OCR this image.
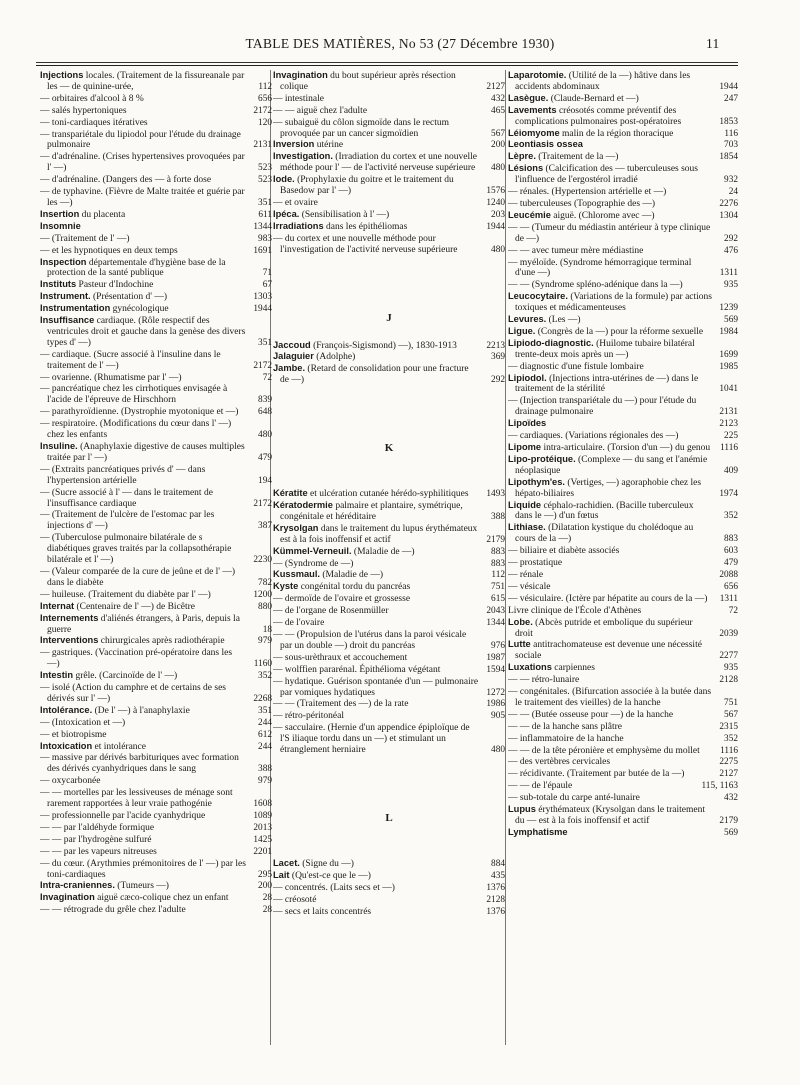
TABLE DES MATIÈRES, No 53 (27 Décembre 1930)	11
Injections locales. (Traitement de la fissureanale par les — de quinine-urée,	112
— orbitaires d'alcool à 8 %	656
— salés hypertoniques	2172
— toni-cardiaques itératives	120
— transpariétale du lipiodol pour l'étude du drainage pulmonaire	2131
— d'adrénaline. (Crises hypertensives provoquées par l' —)	523
— d'adrénaline. (Dangers des — à forte dose	523
— de typhavine. (Fièvre de Malte traitée et guérie par les —)	351
Insertion du placenta	611
Insomnie	1344
— (Traitement de l' —)	983
— et les hypnotiques en deux temps	1691
Inspection départementale d'hygiène base de la protection de la santé publique	71
Instituts Pasteur d'Indochine	67
Instrument. (Présentation d' —)	1303
Instrumentation gynécologique	1944
Insuffisance cardiaque. (Rôle respectif des ventricules droit et gauche dans la genèse des divers types d' —)	351
— cardiaque. (Sucre associé à l'insuline dans le traitement de l' —)	2172
— ovarienne. (Rhumatisme par l' —)	72
— pancréatique chez les cirrhotiques envisagée à l'acide de l'épreuve de Hirschhorn	839
— parathyroïdienne. (Dystrophie myotonique et —) 648
— respiratoire. (Modifications du cœur dans l' —) chez les enfants	480
Insuline. (Anaphylaxie digestive de causes multiples traitée par l' —)	479
— (Extraits pancréatiques privés d' — dans l'hypertension artérielle	194
— (Sucre associé à l' — dans le traitement de l'insuffisance cardiaque	2172
— (Traitement de l'ulcère de l'estomac par les injections d' —)	387
— (Tuberculose pulmonaire bilatérale de s diabétiques graves traités par la collapsothérapie bilatérale et l' —)	2230
— (Valeur comparée de la cure de jeûne et de l' —) dans le diabète	782
— huileuse. (Traitement du diabète par l' —)	1200
Internat (Centenaire de l' —) de Bicêtre	880
Internements d'aliénés étrangers, à Paris, depuis la guerre	18
Interventions chirurgicales après radiothérapie	979
— gastriques. (Vaccination pré-opératoire dans les —)	1160
Intestin grêle. (Carcinoïde de l' —)	352
— isolé (Action du camphre et de certains de ses dérivés sur l' —)	2268
Intolérance. (De l' —) à l'anaphylaxie	351
— (Intoxication et —)	244
— et biotropisme	612
Intoxication et intolérance	244
— massive par dérivés barbituriques avec formation des dérivés cyanhydriques dans le sang	388
— oxycarbonée	979
— — mortelles par les lessiveuses de ménage sont rarement rapportées à leur vraie pathogénie	1608
— professionnelle par l'acide cyanhydrique	1089
— — par l'aldéhyde formique	2013
— — par l'hydrogène sulfuré	1425
— — par les vapeurs nitreuses	2201
— du cœur. (Arythmies prémonitoires de l' —) par les toni-cardiaques	295
Intra-craniennes. (Tumeurs —)	200
Invagination aiguë cæco-colique chez un enfant	28
— — rétrograde du grêle chez l'adulte	28
Invagination du bout supérieur après résection colique	2127
— intestinale	432
— — aiguë chez l'adulte	465
— subaiguë du côlon sigmoïde dans le rectum provoquée par un cancer sigmoïdien	567
Inversion utérine	200
Investigation. (Irradiation du cortex et une nouvelle méthode pour l' — de l'activité nerveuse supérieure 480
Iode. (Prophylaxie du goitre et le traitement du Basedow par l' —)	1576
— et ovaire	1240
Ipéca. (Sensibilisation à l' —)	203
Irradiations dans les épithéliomas	1944
— du cortex et une nouvelle méthode pour l'investigation de l'activité nerveuse supérieure	480
J
Jaccoud (François-Sigismond) —), 1830-1913	2213
Jalaguier (Adolphe)	369
Jambe. (Retard de consolidation pour une fracture de —)	292
K
Kératite et ulcération cutanée hérédo-syphilitiques 1493
Kératodermie palmaire et plantaire, symétrique, congénitale et héréditaire	388
Krysolgan dans le traitement du lupus érythémateux est à la fois inoffensif et actif	2179
Kümmel-Verneuil. (Maladie de —)	883
— (Syndrome de —)	883
Kussmaul. (Maladie de —)	112
Kyste congénital tordu du pancréas	751
— dermoïde de l'ovaire et grossesse	615
— de l'organe de Rosenmüller	2043
— de l'ovaire	1344
— — (Propulsion de l'utérus dans la paroi vésicale par un double —) droit du pancréas	976
— sous-urèthraux et accouchement	1987
— wolffien pararénal. Épithélioma végétant	1594
— hydatique. Guérison spontanée d'un — pulmonaire par vomiques hydatiques	1272
— — (Traitement des —) de la rate	1986
— rétro-péritonéal	905
— sacculaire. (Hernie d'un appendice épiploïque de l'S iliaque tordu dans un —) et stimulant un étranglement herniaire	480
L
Lacet. (Signe du —)	884
Lait (Qu'est-ce que le —)	435
— concentrés. (Laits secs et —)	1376
— créosoté	2128
— secs et laits concentrés	1376
Laparotomie. (Utilité de la —) hâtive dans les accidents abdominaux	1944
Lasègue. (Claude-Bernard et —)	247
Lavements créosotés comme préventif des complications pulmonaires post-opératoires	1853
Léiomyome malin de la région thoracique	116
Leontiasis ossea	703
Lèpre. (Traitement de la —)	1854
Lésions (Calcification des — tuberculeuses sous l'influence de l'ergostérol irradié	932
— rénales. (Hypertension artérielle et —)	24
— tuberculeuses (Topographie des —)	2276
Leucémie aiguë. (Chlorome avec —)	1304
— — (Tumeur du médiastin antérieur à type clinique de —)	292
— — avec tumeur mère médiastine	476
— myéloïde. (Syndrome hémorragique terminal d'une —)	1311
— — (Syndrome spléno-adénique dans la —)	935
Leucocytaire. (Variations de la formule) par actions toxiques et médicamenteuses	1239
Levures. (Les —)	569
Ligue. (Congrès de la —) pour la réforme sexuelle 1984
Lipiodo-diagnostic. (Huilome tubaire bilatéral trente-deux mois après un —)	1699
— diagnostic d'une fistule lombaire	1985
Lipiodol. (Injections intra-utérines de —) dans le traitement de la stérilité	1041
— (Injection transpariétale du —) pour l'étude du drainage pulmonaire	2131
Lipoïdes	2123
— cardiaques. (Variations régionales des —)	225
Lipome intra-articulaire. (Torsion d'un —) du genou 1116
Lipo-protéique. (Complexe — du sang et l'anémie néoplasique	409
Lipothym'es. (Vertiges, —) agoraphobie chez les hépato-biliaires	1974
Liquide céphalo-rachidien. (Bacille tuberculeux dans le —) d'un fœtus	352
Lithiase. (Dilatation kystique du cholédoque au cours de la —)	883
— biliaire et diabète associés	603
— prostatique	479
— rénale	2088
— vésicale	656
— vésiculaire. (Ictère par hépatite au cours de la —) 1311
Livre clinique de l'École d'Athènes	72
Lobe. (Abcès putride et embolique du supérieur droit	2039
Lutte antitrachomateuse est devenue une nécessité sociale	2277
Luxations carpiennes	935
— — rétro-lunaire	2128
— congénitales. (Bifurcation associée à la butée dans le traitement des vieilles) de la hanche	751
— — (Butée osseuse pour —) de la hanche	567
— — de la hanche sans plâtre	2315
— inflammatoire de la hanche	352
— — de la tête péronière et emphysème du mollet 1116
— des vertèbres cervicales	2275
— récidivante. (Traitement par butée de la —)	2127
— — de l'épaule	115, 1163
— sub-totale du carpe anté-lunaire	432
Lupus érythémateux (Krysolgan dans le traitement du — est à la fois inoffensif et actif	2179
Lymphatisme	569
